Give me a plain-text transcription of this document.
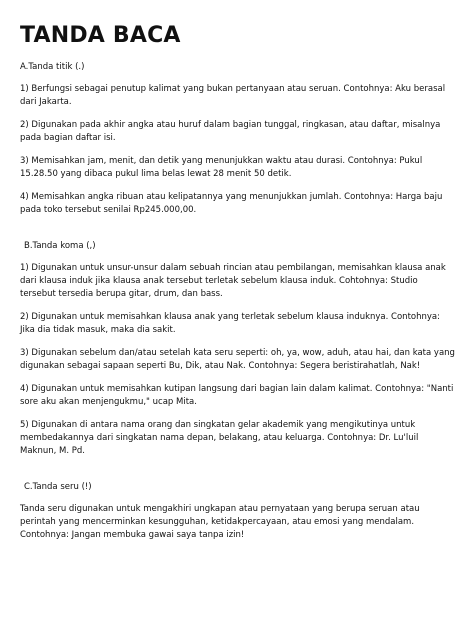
TANDA BACA

A.Tanda titik (.)

1) Berfungsi sebagai penutup kalimat yang bukan pertanyaan atau seruan. Contohnya: Aku berasal dari Jakarta.

2) Digunakan pada akhir angka atau huruf dalam bagian tunggal, ringkasan, atau daftar, misalnya pada bagian daftar isi.

3) Memisahkan jam, menit, dan detik yang menunjukkan waktu atau durasi. Contohnya: Pukul 15.28.50 yang dibaca pukul lima belas lewat 28 menit 50 detik.

4) Memisahkan angka ribuan atau kelipatannya yang menunjukkan jumlah. Contohnya: Harga baju pada toko tersebut senilai Rp245.000,00.

B.Tanda koma (,)

1) Digunakan untuk unsur-unsur dalam sebuah rincian atau pembilangan, memisahkan klausa anak dari klausa induk jika klausa anak tersebut terletak sebelum klausa induk. Cohtohnya: Studio tersebut tersedia berupa gitar, drum, dan bass.

2) Digunakan untuk memisahkan klausa anak yang terletak sebelum klausa induknya. Contohnya: Jika dia tidak masuk, maka dia sakit.

3) Digunakan sebelum dan/atau setelah kata seru seperti: oh, ya, wow, aduh, atau hai, dan kata yang digunakan sebagai sapaan seperti Bu, Dik, atau Nak. Contohnya: Segera beristirahatlah, Nak!

4) Digunakan untuk memisahkan kutipan langsung dari bagian lain dalam kalimat. Contohnya: "Nanti sore aku akan menjengukmu," ucap Mita.

5) Digunakan di antara nama orang dan singkatan gelar akademik yang mengikutinya untuk membedakannya dari singkatan nama depan, belakang, atau keluarga. Contohnya: Dr. Lu'luil Maknun, M. Pd.

C.Tanda seru (!)

Tanda seru digunakan untuk mengakhiri ungkapan atau pernyataan yang berupa seruan atau perintah yang mencerminkan kesungguhan, ketidakpercayaan, atau emosi yang mendalam. Contohnya: Jangan membuka gawai saya tanpa izin!
